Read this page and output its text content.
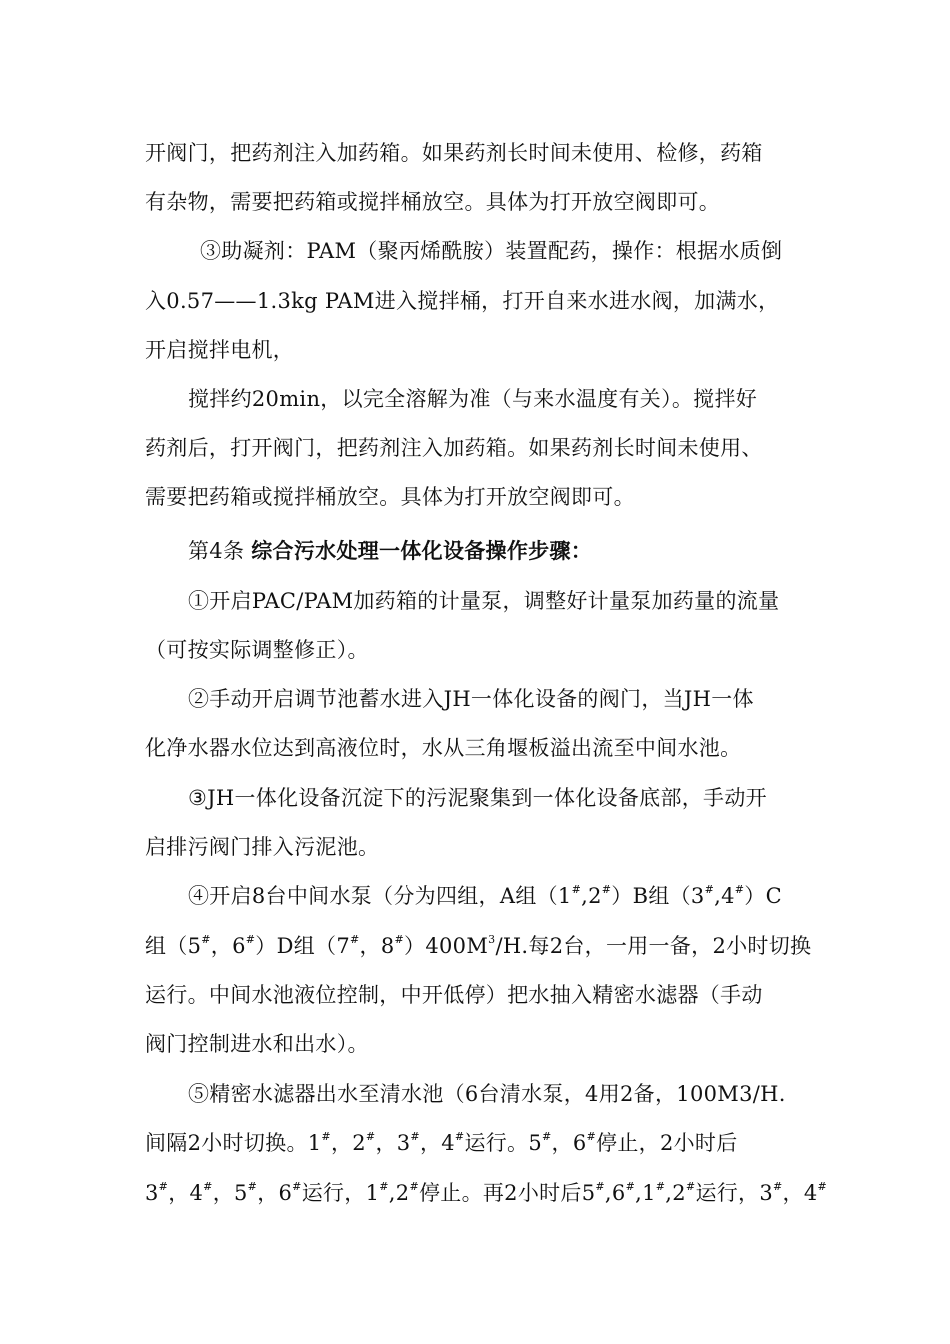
开阀门，把药剂注入加药箱。如果药剂长时间未使用、检修，药箱
有杂物，需要把药箱或搅拌桶放空。具体为打开放空阀即可。
③助凝剂：PAM（聚丙烯酰胺）装置配药，操作：根据水质倒
入0.57——1.3kg PAM进入搅拌桶，打开自来水进水阀，加满水，
开启搅拌电机，
搅拌约20min，以完全溶解为准（与来水温度有关）。搅拌好
药剂后，打开阀门，把药剂注入加药箱。如果药剂长时间未使用、
需要把药箱或搅拌桶放空。具体为打开放空阀即可。
第4条 综合污水处理一体化设备操作步骤：
①开启PAC/PAM加药箱的计量泵，调整好计量泵加药量的流量
（可按实际调整修正）。
②手动开启调节池蓄水进入JH一体化设备的阀门，当JH一体
化净水器水位达到高液位时，水从三角堰板溢出流至中间水池。
③JH一体化设备沉淀下的污泥聚集到一体化设备底部，手动开
启排污阀门排入污泥池。
④开启8台中间水泵（分为四组，A组（1#,2#）B组（3#,4#）C
组（5#，6#）D组（7#，$8^{\#})400M^3/H$.每2台，一用一备，2小时切换
运行。中间水池液位控制，中开低停）把水抽入精密水滤器（手动
阀门控制进水和出水）。
⑤精密水滤器出水至清水池（6台清水泵，4用2备，100M3/H.
间隔2小时切换。1#，2#，3#，4#运行。5#，6#停止，2小时后
3#，4#，5#，6#运行，1#,2#停止。再2小时后5#,6#,1#,2#运行，3#，4#
